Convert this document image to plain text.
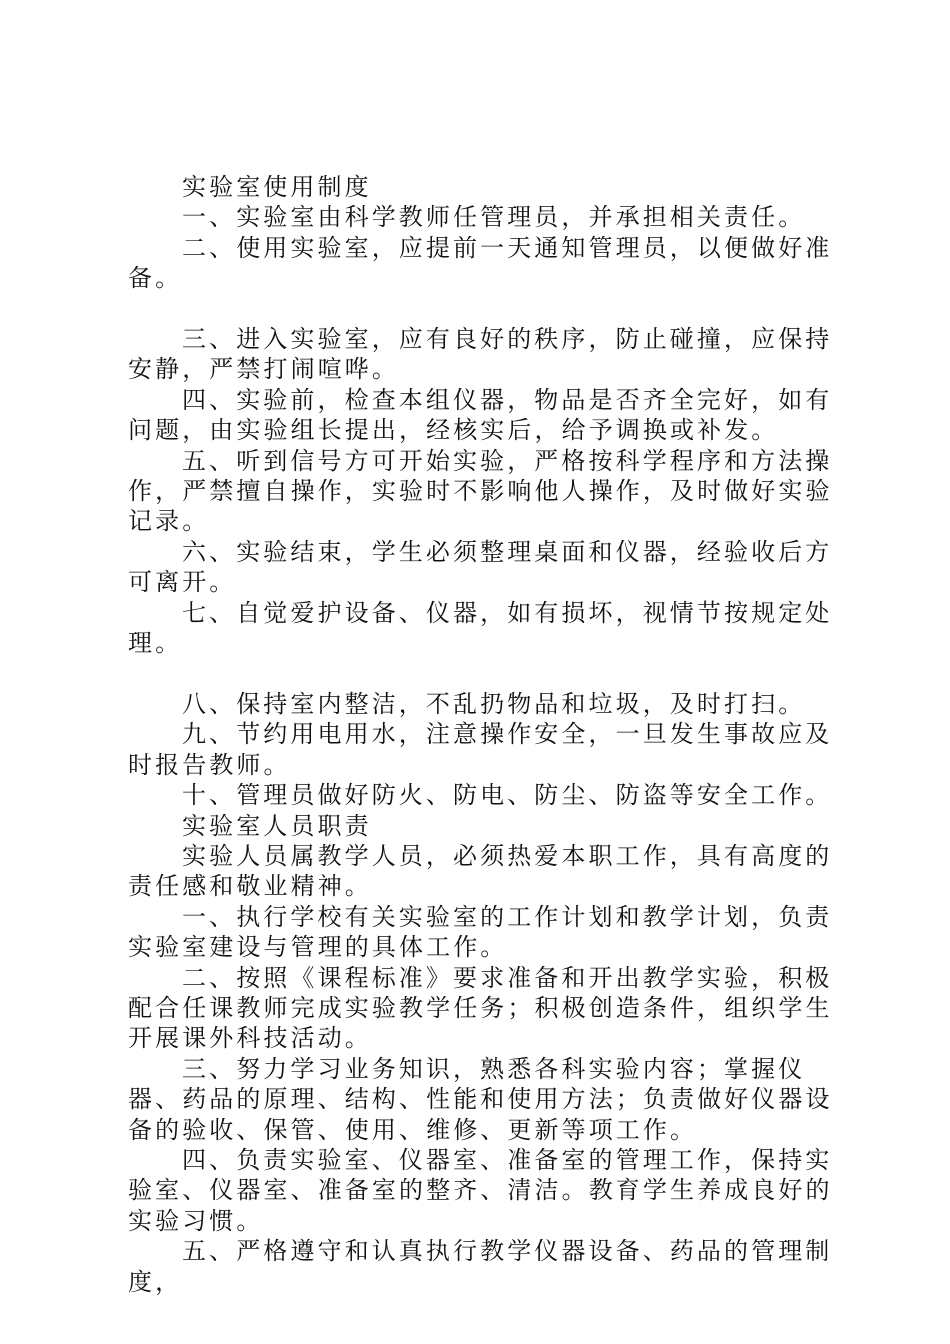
实验室使用制度

一、实验室由科学教师任管理员，并承担相关责任。

二、使用实验室，应提前一天通知管理员，以便做好准备。

三、进入实验室，应有良好的秩序，防止碰撞，应保持安静，严禁打闹喧哗。

四、实验前，检查本组仪器，物品是否齐全完好，如有问题，由实验组长提出，经核实后，给予调换或补发。

五、听到信号方可开始实验，严格按科学程序和方法操作，严禁擅自操作，实验时不影响他人操作，及时做好实验记录。

六、实验结束，学生必须整理桌面和仪器，经验收后方可离开。

七、自觉爱护设备、仪器，如有损坏，视情节按规定处理。

八、保持室内整洁，不乱扔物品和垃圾，及时打扫。

九、节约用电用水，注意操作安全，一旦发生事故应及时报告教师。

十、管理员做好防火、防电、防尘、防盗等安全工作。

实验室人员职责

实验人员属教学人员，必须热爱本职工作，具有高度的责任感和敬业精神。

一、执行学校有关实验室的工作计划和教学计划，负责实验室建设与管理的具体工作。

二、按照《课程标准》要求准备和开出教学实验，积极配合任课教师完成实验教学任务；积极创造条件，组织学生开展课外科技活动。

三、努力学习业务知识，熟悉各科实验内容；掌握仪器、药品的原理、结构、性能和使用方法；负责做好仪器设备的验收、保管、使用、维修、更新等项工作。

四、负责实验室、仪器室、准备室的管理工作，保持实验室、仪器室、准备室的整齐、清洁。教育学生养成良好的实验习惯。

五、严格遵守和认真执行教学仪器设备、药品的管理制度，
